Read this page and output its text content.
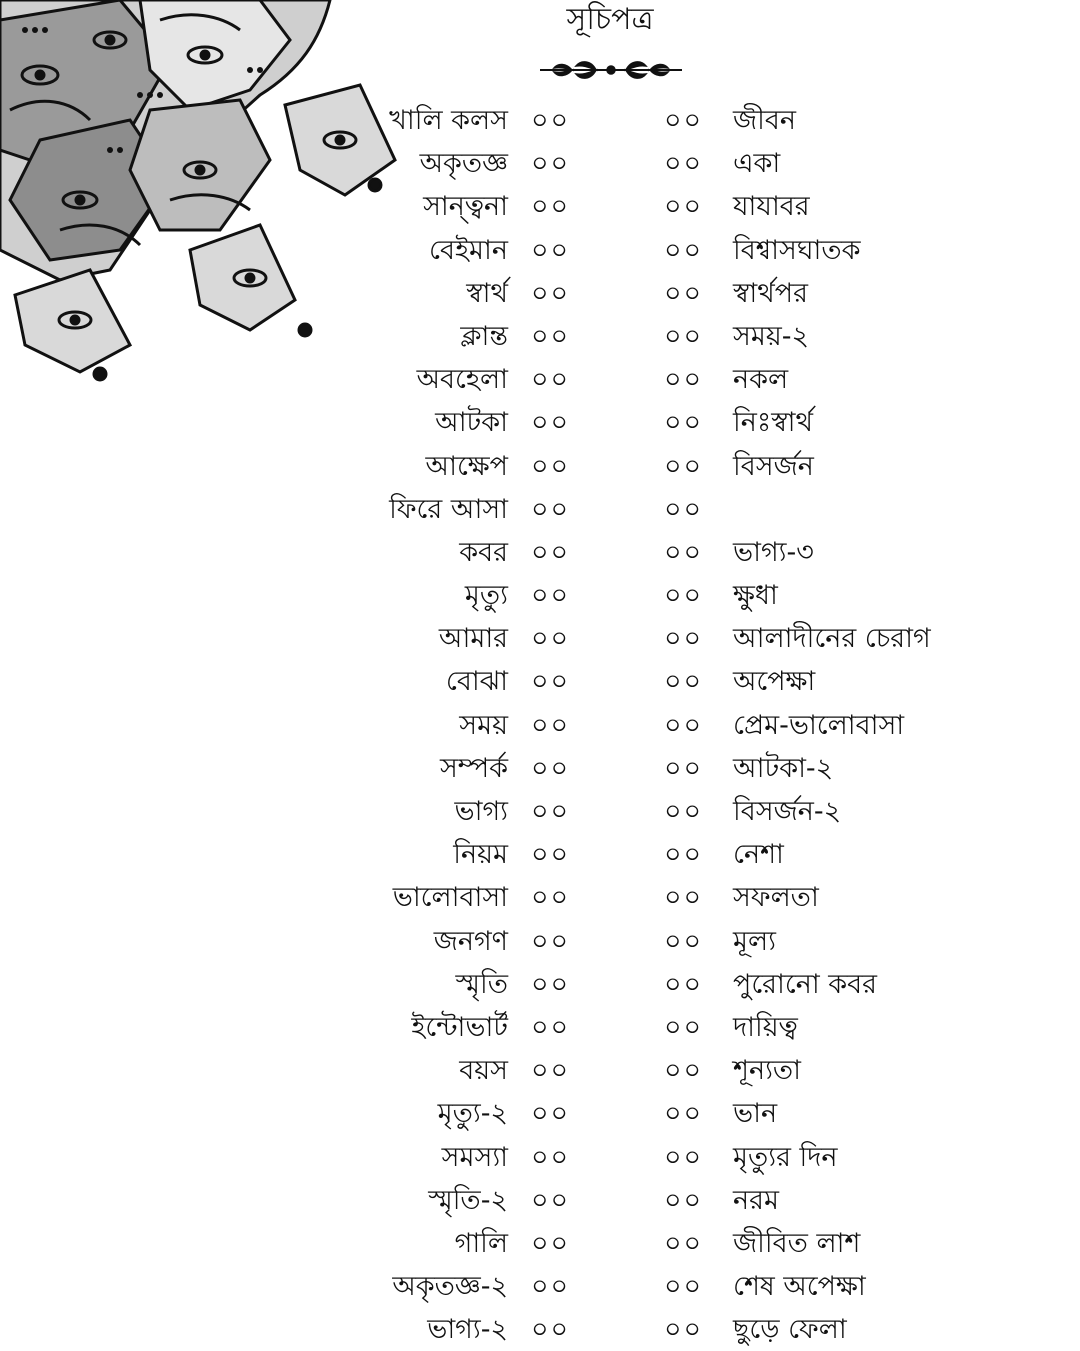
সূচিপত্র
খালি কলস ০০	০০ জীবন
অকৃতজ্ঞ ০০	০০ একা
সান্ত্বনা ০০	০০ যাযাবর
বেইমান ০০	০০ বিশ্বাসঘাতক
স্বার্থ ০০	০০ স্বার্থপর
ক্লান্ত ০০	০০ সময়-২
অবহেলা ০০	০০ নকল
আটকা ০০	০০ নিঃস্বার্থ
আক্ষেপ ০০	০০ বিসর্জন
ফিরে আসা ০০	০০
কবর ০০	০০ ভাগ্য-৩
মৃত্যু ০০	০০ ক্ষুধা
আমার ০০	০০ আলাদীনের চেরাগ
বোঝা ০০	০০ অপেক্ষা
সময় ০০	০০ প্রেম-ভালোবাসা
সম্পর্ক ০০	০০ আটকা-২
ভাগ্য ০০	০০ বিসর্জন-২
নিয়ম ০০	০০ নেশা
ভালোবাসা ০০	০০ সফলতা
জনগণ ০০	০০ মূল্য
স্মৃতি ০০	০০ পুরোনো কবর
ইন্টোভার্ট ০০	০০ দায়িত্ব
বয়স ০০	০০ শূন্যতা
মৃত্যু-২ ০০	০০ ভান
সমস্যা ০০	০০ মৃত্যুর দিন
স্মৃতি-২ ০০	০০ নরম
গালি ০০	০০ জীবিত লাশ
অকৃতজ্ঞ-২ ০০	০০ শেষ অপেক্ষা
ভাগ্য-২ ০০	০০ ছুড়ে ফেলা
